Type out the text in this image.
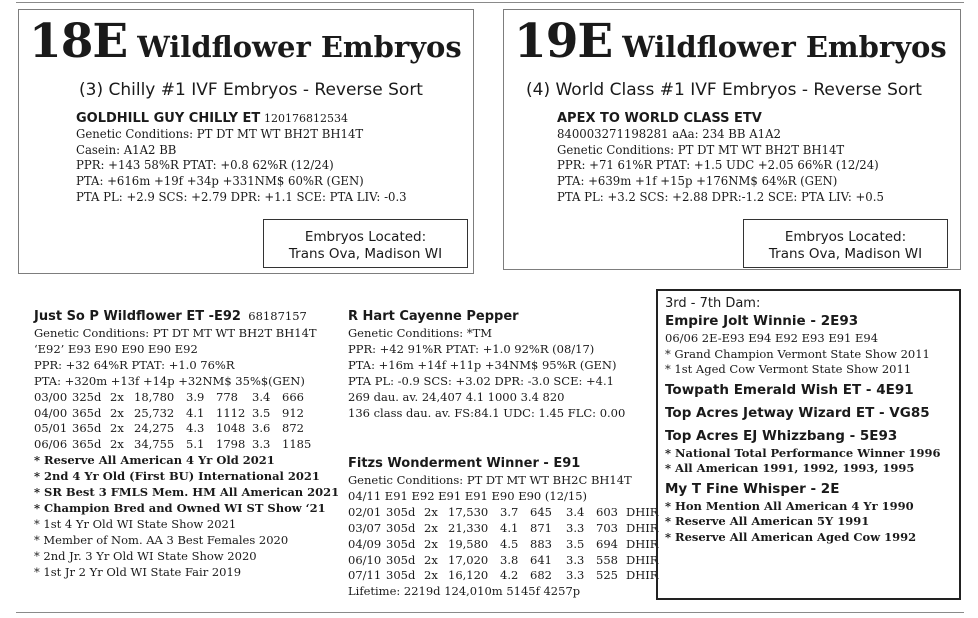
18E Wildflower Embryos
(3) Chilly #1 IVF Embryos - Reverse Sort
GOLDHILL GUY CHILLY ET 120176812534
Genetic Conditions: PT DT MT WT BH2T BH14T
Casein: A1A2 BB
PPR: +143 58%R PTAT: +0.8 62%R (12/24)
PTA: +616m +19f +34p +331NM$ 60%R (GEN)
PTA PL: +2.9 SCS: +2.79 DPR: +1.1 SCE: PTA LIV: -0.3
Embryos Located:
Trans Ova, Madison WI
19E Wildflower Embryos
(4) World Class #1 IVF Embryos - Reverse Sort
APEX TO WORLD CLASS ETV
840003271198281 aAa: 234 BB A1A2
Genetic Conditions: PT DT MT WT BH2T BH14T
PPR: +71 61%R PTAT: +1.5 UDC +2.05 66%R (12/24)
PTA: +639m +1f +15p +176NM$ 64%R (GEN)
PTA PL: +3.2 SCS: +2.88 DPR:-1.2 SCE: PTA LIV: +0.5
Embryos Located:
Trans Ova, Madison WI
Just So P Wildflower ET -E92 68187157
Genetic Conditions: PT DT MT WT BH2T BH14T
‘E92’ E93 E90 E90 E90 E92
PPR: +32 64%R PTAT: +1.0 76%R
PTA: +320m +13f +14p +32NM$ 35%$(GEN)
03/00 325d 2x 18,780 3.9 778 3.4 666
04/00 365d 2x 25,732 4.1 1112 3.5 912
05/01 365d 2x 24,275 4.3 1048 3.6 872
06/06 365d 2x 34,755 5.1 1798 3.3 1185
* Reserve All American 4 Yr Old 2021
* 2nd 4 Yr Old (First BU) International 2021
* SR Best 3 FMLS Mem. HM All American 2021
* Champion Bred and Owned WI ST Show ‘21
* 1st 4 Yr Old WI State Show 2021
* Member of Nom. AA 3 Best Females 2020
* 2nd Jr. 3 Yr Old WI State Show 2020
* 1st Jr 2 Yr Old WI State Fair 2019
R Hart Cayenne Pepper
Genetic Conditions: *TM
PPR: +42 91%R PTAT: +1.0 92%R (08/17)
PTA: +16m +14f +11p +34NM$ 95%R (GEN)
PTA PL: -0.9 SCS: +3.02 DPR: -3.0 SCE: +4.1
269 dau. av. 24,407 4.1 1000 3.4 820
136 class dau. av. FS:84.1 UDC: 1.45 FLC: 0.00
Fitzs Wonderment Winner - E91
Genetic Conditions: PT DT MT WT BH2C BH14T
04/11 E91 E92 E91 E91 E90 E90 (12/15)
02/01 305d 2x 17,530 3.7 645 3.4 603 DHIR
03/07 305d 2x 21,330 4.1 871 3.3 703 DHIR
04/09 305d 2x 19,580 4.5 883 3.5 694 DHIR
06/10 305d 2x 17,020 3.8 641 3.3 558 DHIR
07/11 305d 2x 16,120 4.2 682 3.3 525 DHIR
Lifetime: 2219d 124,010m 5145f 4257p
3rd - 7th Dam:
Empire Jolt Winnie - 2E93
06/06 2E-E93 E94 E92 E93 E91 E94
* Grand Champion Vermont State Show 2011
* 1st Aged Cow Vermont State Show 2011
Towpath Emerald Wish ET - 4E91
Top Acres Jetway Wizard ET - VG85
Top Acres EJ Whizzbang - 5E93
* National Total Performance Winner 1996
* All American 1991, 1992, 1993, 1995
My T Fine Whisper - 2E
* Hon Mention All American 4 Yr 1990
* Reserve All American 5Y 1991
* Reserve All American Aged Cow 1992
